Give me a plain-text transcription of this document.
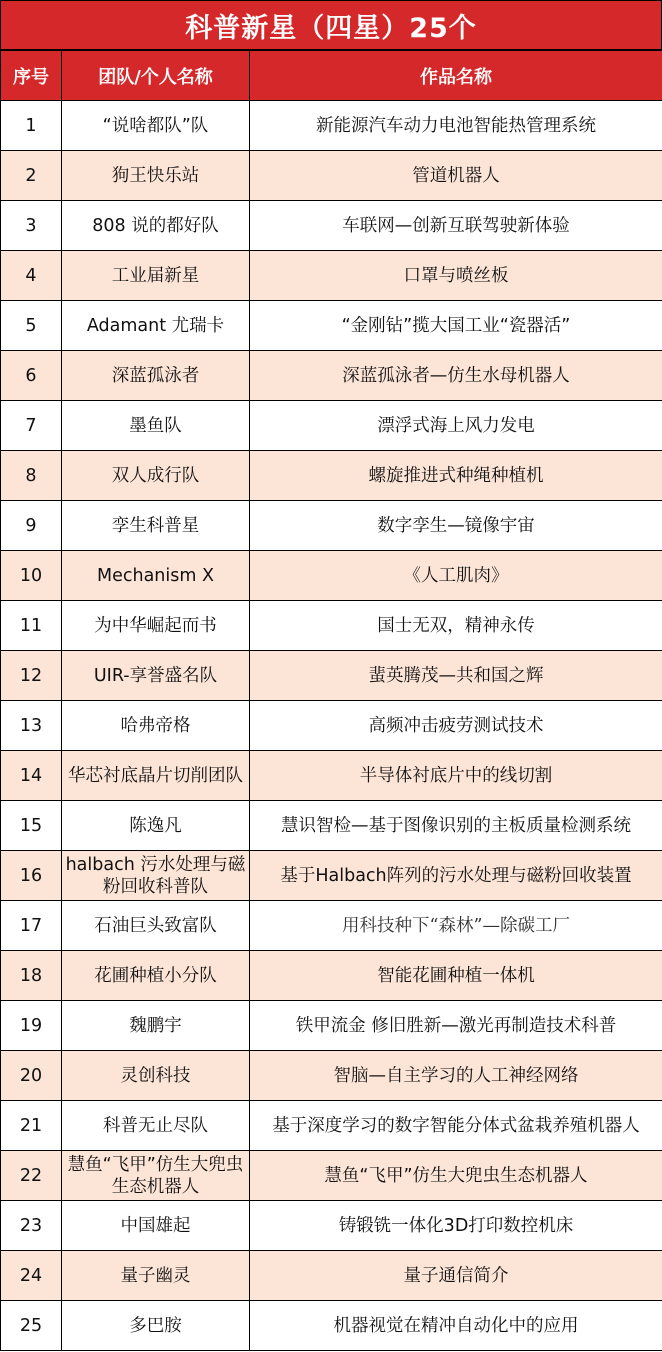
科普新星（四星）25个
序号	团队/个人名称	作品名称
1	“说啥都队”队	新能源汽车动力电池智能热管理系统
2	狗王快乐站	管道机器人
3	808 说的都好队	车联网—创新互联驾驶新体验
4	工业届新星	口罩与喷丝板
5	Adamant 尤瑞卡	“金刚钻”揽大国工业“瓷器活”
6	深蓝孤泳者	深蓝孤泳者—仿生水母机器人
7	墨鱼队	漂浮式海上风力发电
8	双人成行队	螺旋推进式种绳种植机
9	孪生科普星	数字孪生—镜像宇宙
10	Mechanism X	《人工肌肉》
11	为中华崛起而书	国士无双，精神永传
12	UIR-享誉盛名队	蜚英腾茂—共和国之辉
13	哈弗帝格	高频冲击疲劳测试技术
14	华芯衬底晶片切削团队	半导体衬底片中的线切割
15	陈逸凡	慧识智检—基于图像识别的主板质量检测系统
16	halbach 污水处理与磁粉回收科普队	基于Halbach阵列的污水处理与磁粉回收装置
17	石油巨头致富队	用科技种下“森林”—除碳工厂
18	花圃种植小分队	智能花圃种植一体机
19	魏鹏宇	铁甲流金 修旧胜新—激光再制造技术科普
20	灵创科技	智脑—自主学习的人工神经网络
21	科普无止尽队	基于深度学习的数字智能分体式盆栽养殖机器人
22	慧鱼“飞甲”仿生大兜虫生态机器人	慧鱼“飞甲”仿生大兜虫生态机器人
23	中国雄起	铸锻铣一体化3D打印数控机床
24	量子幽灵	量子通信简介
25	多巴胺	机器视觉在精冲自动化中的应用
